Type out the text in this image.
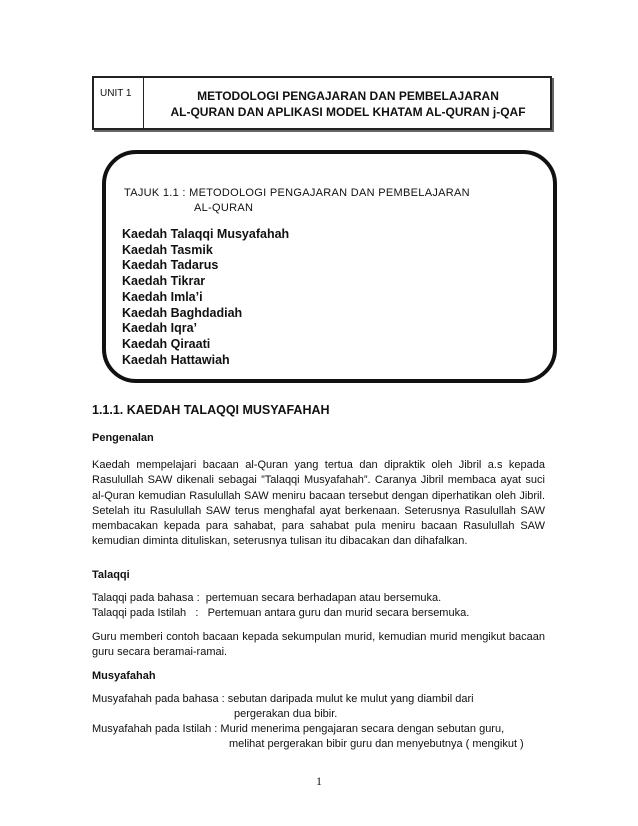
UNIT 1	METODOLOGI PENGAJARAN DAN PEMBELAJARAN
AL-QURAN DAN APLIKASI MODEL KHATAM AL-QURAN j-QAF
TAJUK 1.1 : METODOLOGI PENGAJARAN DAN PEMBELAJARAN
AL-QURAN
Kaedah Talaqqi Musyafahah
Kaedah Tasmik
Kaedah Tadarus
Kaedah Tikrar
Kaedah Imla’i
Kaedah Baghdadiah
Kaedah Iqra’
Kaedah Qiraati
Kaedah Hattawiah
1.1.1. KAEDAH TALAQQI MUSYAFAHAH
Pengenalan

Kaedah mempelajari bacaan al-Quran yang tertua dan dipraktik oleh Jibril a.s kepada Rasulullah SAW dikenali sebagai ”Talaqqi Musyafahah”. Caranya Jibril membaca ayat suci al-Quran kemudian Rasulullah SAW meniru bacaan tersebut dengan diperhatikan oleh Jibril. Setelah itu Rasulullah SAW terus menghafal ayat berkenaan. Seterusnya Rasulullah SAW membacakan kepada para sahabat, para sahabat pula meniru bacaan Rasulullah SAW kemudian diminta dituliskan, seterusnya tulisan itu dibacakan dan dihafalkan.

Talaqqi
Talaqqi pada bahasa :  pertemuan secara berhadapan atau bersemuka.
Talaqqi pada Istilah   :   Pertemuan antara guru dan murid secara bersemuka.

Guru memberi contoh bacaan kepada sekumpulan murid, kemudian murid mengikut bacaan guru secara beramai-ramai.

Musyafahah
Musyafahah pada bahasa : sebutan daripada mulut ke mulut yang diambil dari
pergerakan dua bibir.
Musyafahah pada Istilah : Murid menerima pengajaran secara dengan sebutan guru,
melihat pergerakan bibir guru dan menyebutnya ( mengikut )
1
